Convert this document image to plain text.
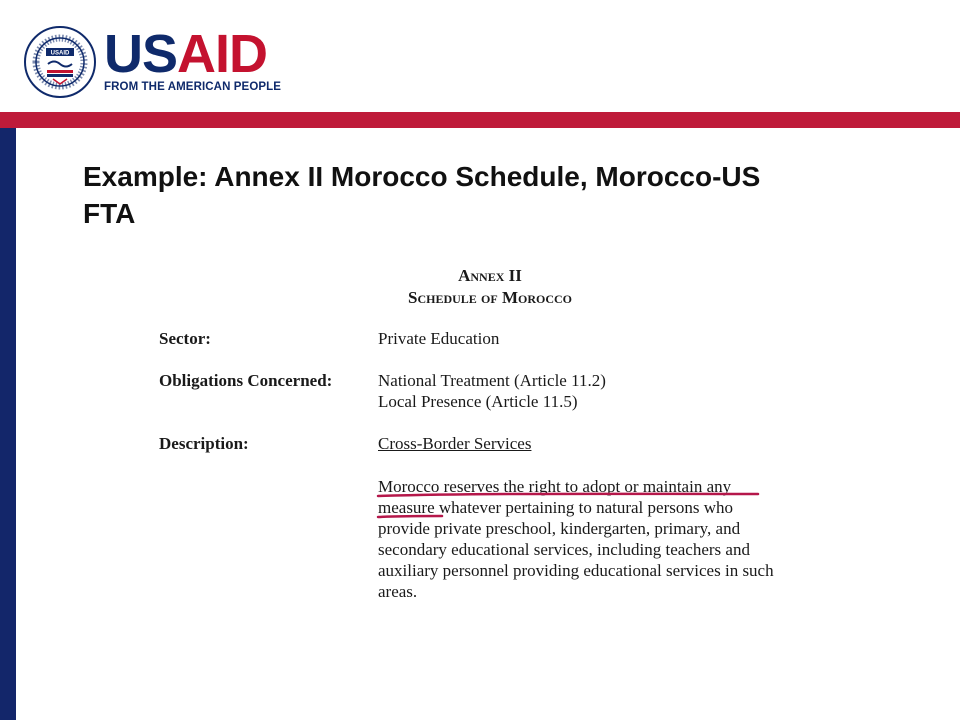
USAID USAID
FROM THE AMERICAN PEOPLE
Example: Annex II Morocco Schedule, Morocco-US
FTA
Annex II
Schedule of Morocco
Sector:	Private Education
Obligations Concerned:	National Treatment (Article 11.2)
Local Presence (Article 11.5)
Description:	Cross-Border Services
Morocco reserves the right to adopt or maintain any
measure whatever pertaining to natural persons who
provide private preschool, kindergarten, primary, and
secondary educational services, including teachers and
auxiliary personnel providing educational services in such
areas.
